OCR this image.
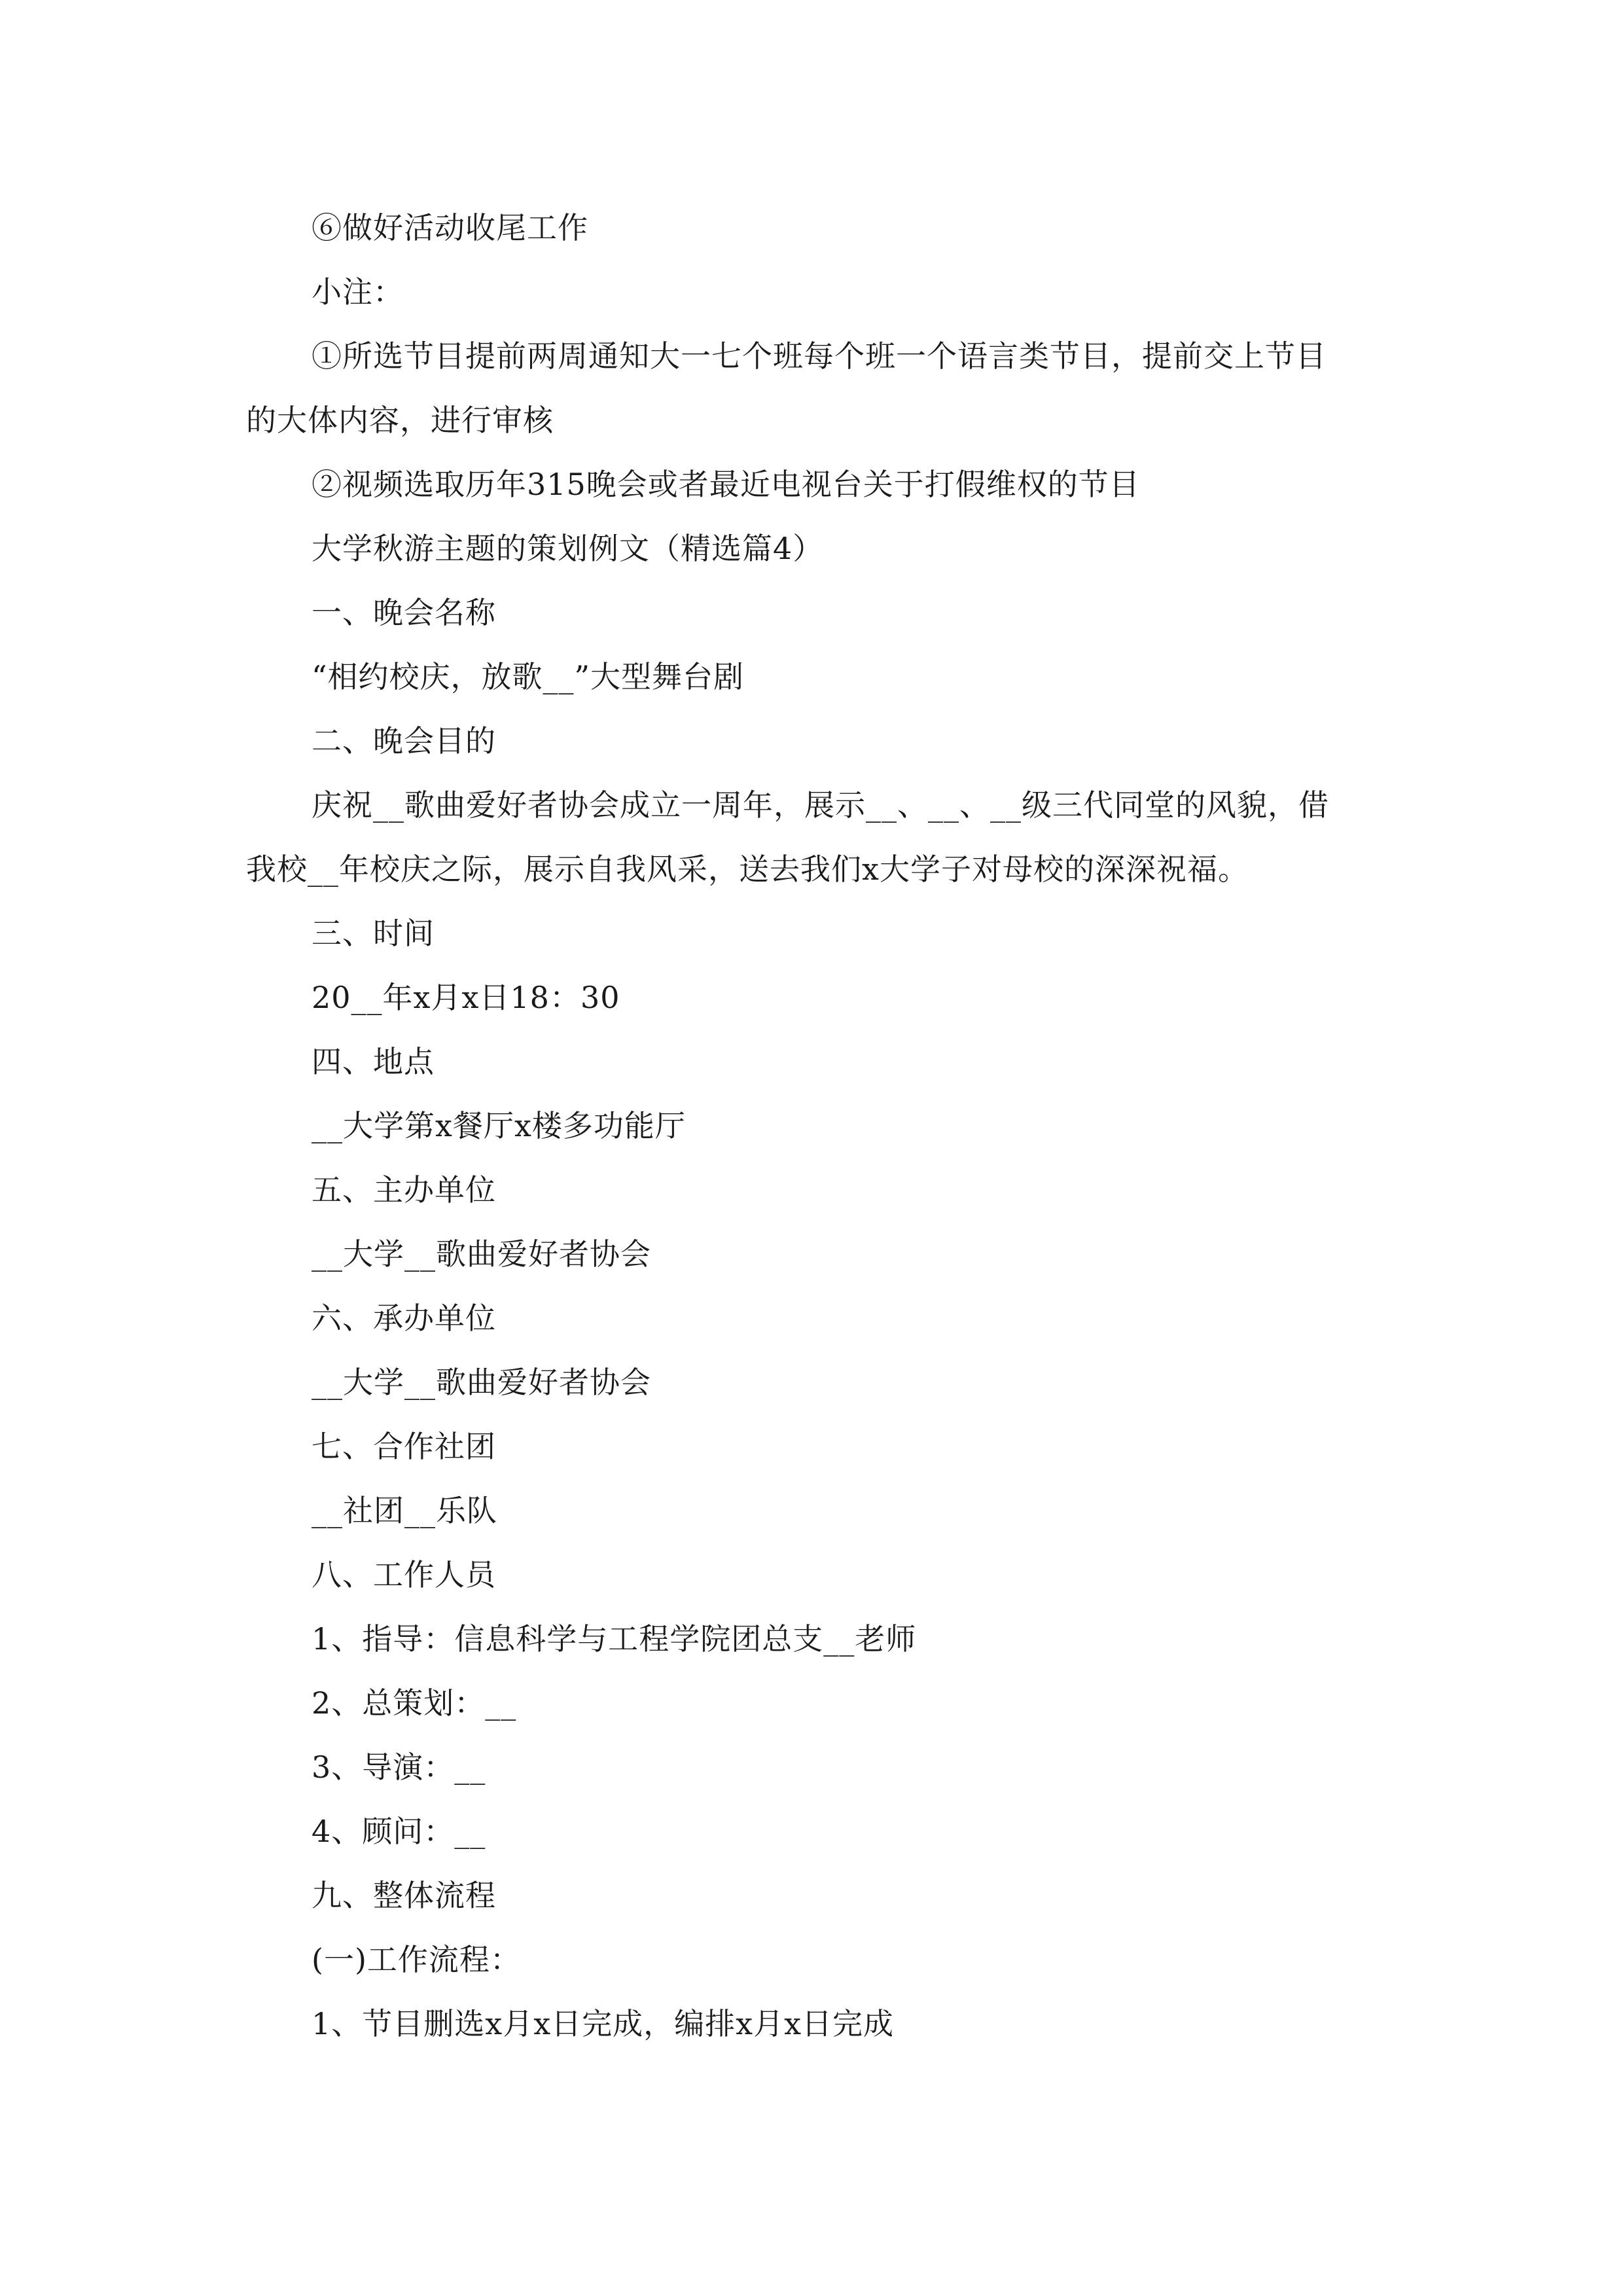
⑥做好活动收尾工作
小注：
①所选节目提前两周通知大一七个班每个班一个语言类节目，提前交上节目
的大体内容，进行审核
②视频选取历年315晚会或者最近电视台关于打假维权的节目
大学秋游主题的策划例文（精选篇4）
一、晚会名称
“相约校庆，放歌__”大型舞台剧
二、晚会目的
庆祝__歌曲爱好者协会成立一周年，展示__、__、__级三代同堂的风貌，借
我校__年校庆之际，展示自我风采，送去我们x大学子对母校的深深祝福。
三、时间
20__年x月x日18：30
四、地点
__大学第x餐厅x楼多功能厅
五、主办单位
__大学__歌曲爱好者协会
六、承办单位
__大学__歌曲爱好者协会
七、合作社团
__社团__乐队
八、工作人员
1、指导：信息科学与工程学院团总支__老师
2、总策划：__
3、导演：__
4、顾问：__
九、整体流程
(一)工作流程：
1、节目删选x月x日完成，编排x月x日完成
